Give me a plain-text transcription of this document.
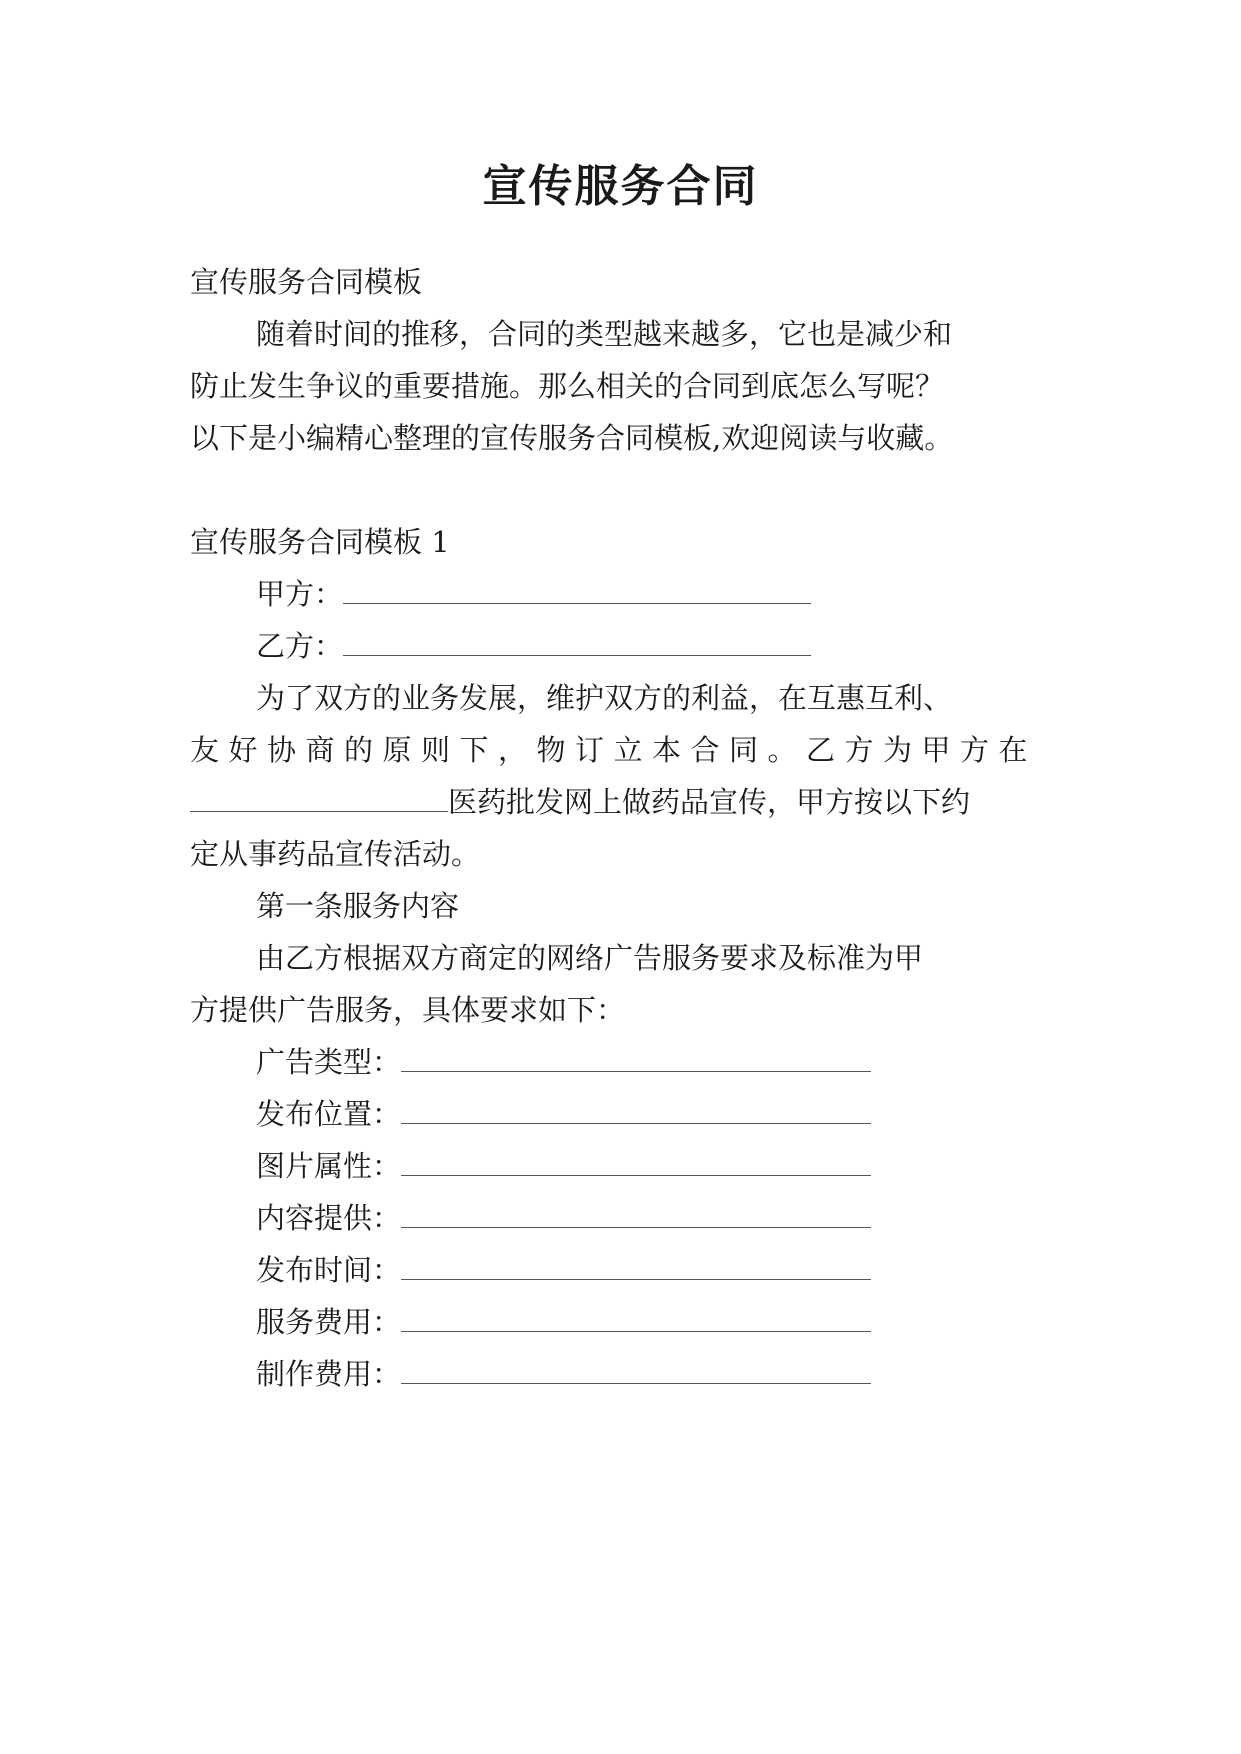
宣传服务合同
宣传服务合同模板
随着时间的推移，合同的类型越来越多，它也是减少和
防止发生争议的重要措施。那么相关的合同到底怎么写呢？
以下是小编精心整理的宣传服务合同模板,欢迎阅读与收藏。
宣传服务合同模板 1
甲方：
乙方：
为了双方的业务发展，维护双方的利益，在互惠互利、
友好协商的原则下，物订立本合同。乙方为甲方在
医药批发网上做药品宣传，甲方按以下约
定从事药品宣传活动。
第一条服务内容
由乙方根据双方商定的网络广告服务要求及标准为甲
方提供广告服务，具体要求如下：
广告类型：
发布位置：
图片属性：
内容提供：
发布时间：
服务费用：
制作费用：
